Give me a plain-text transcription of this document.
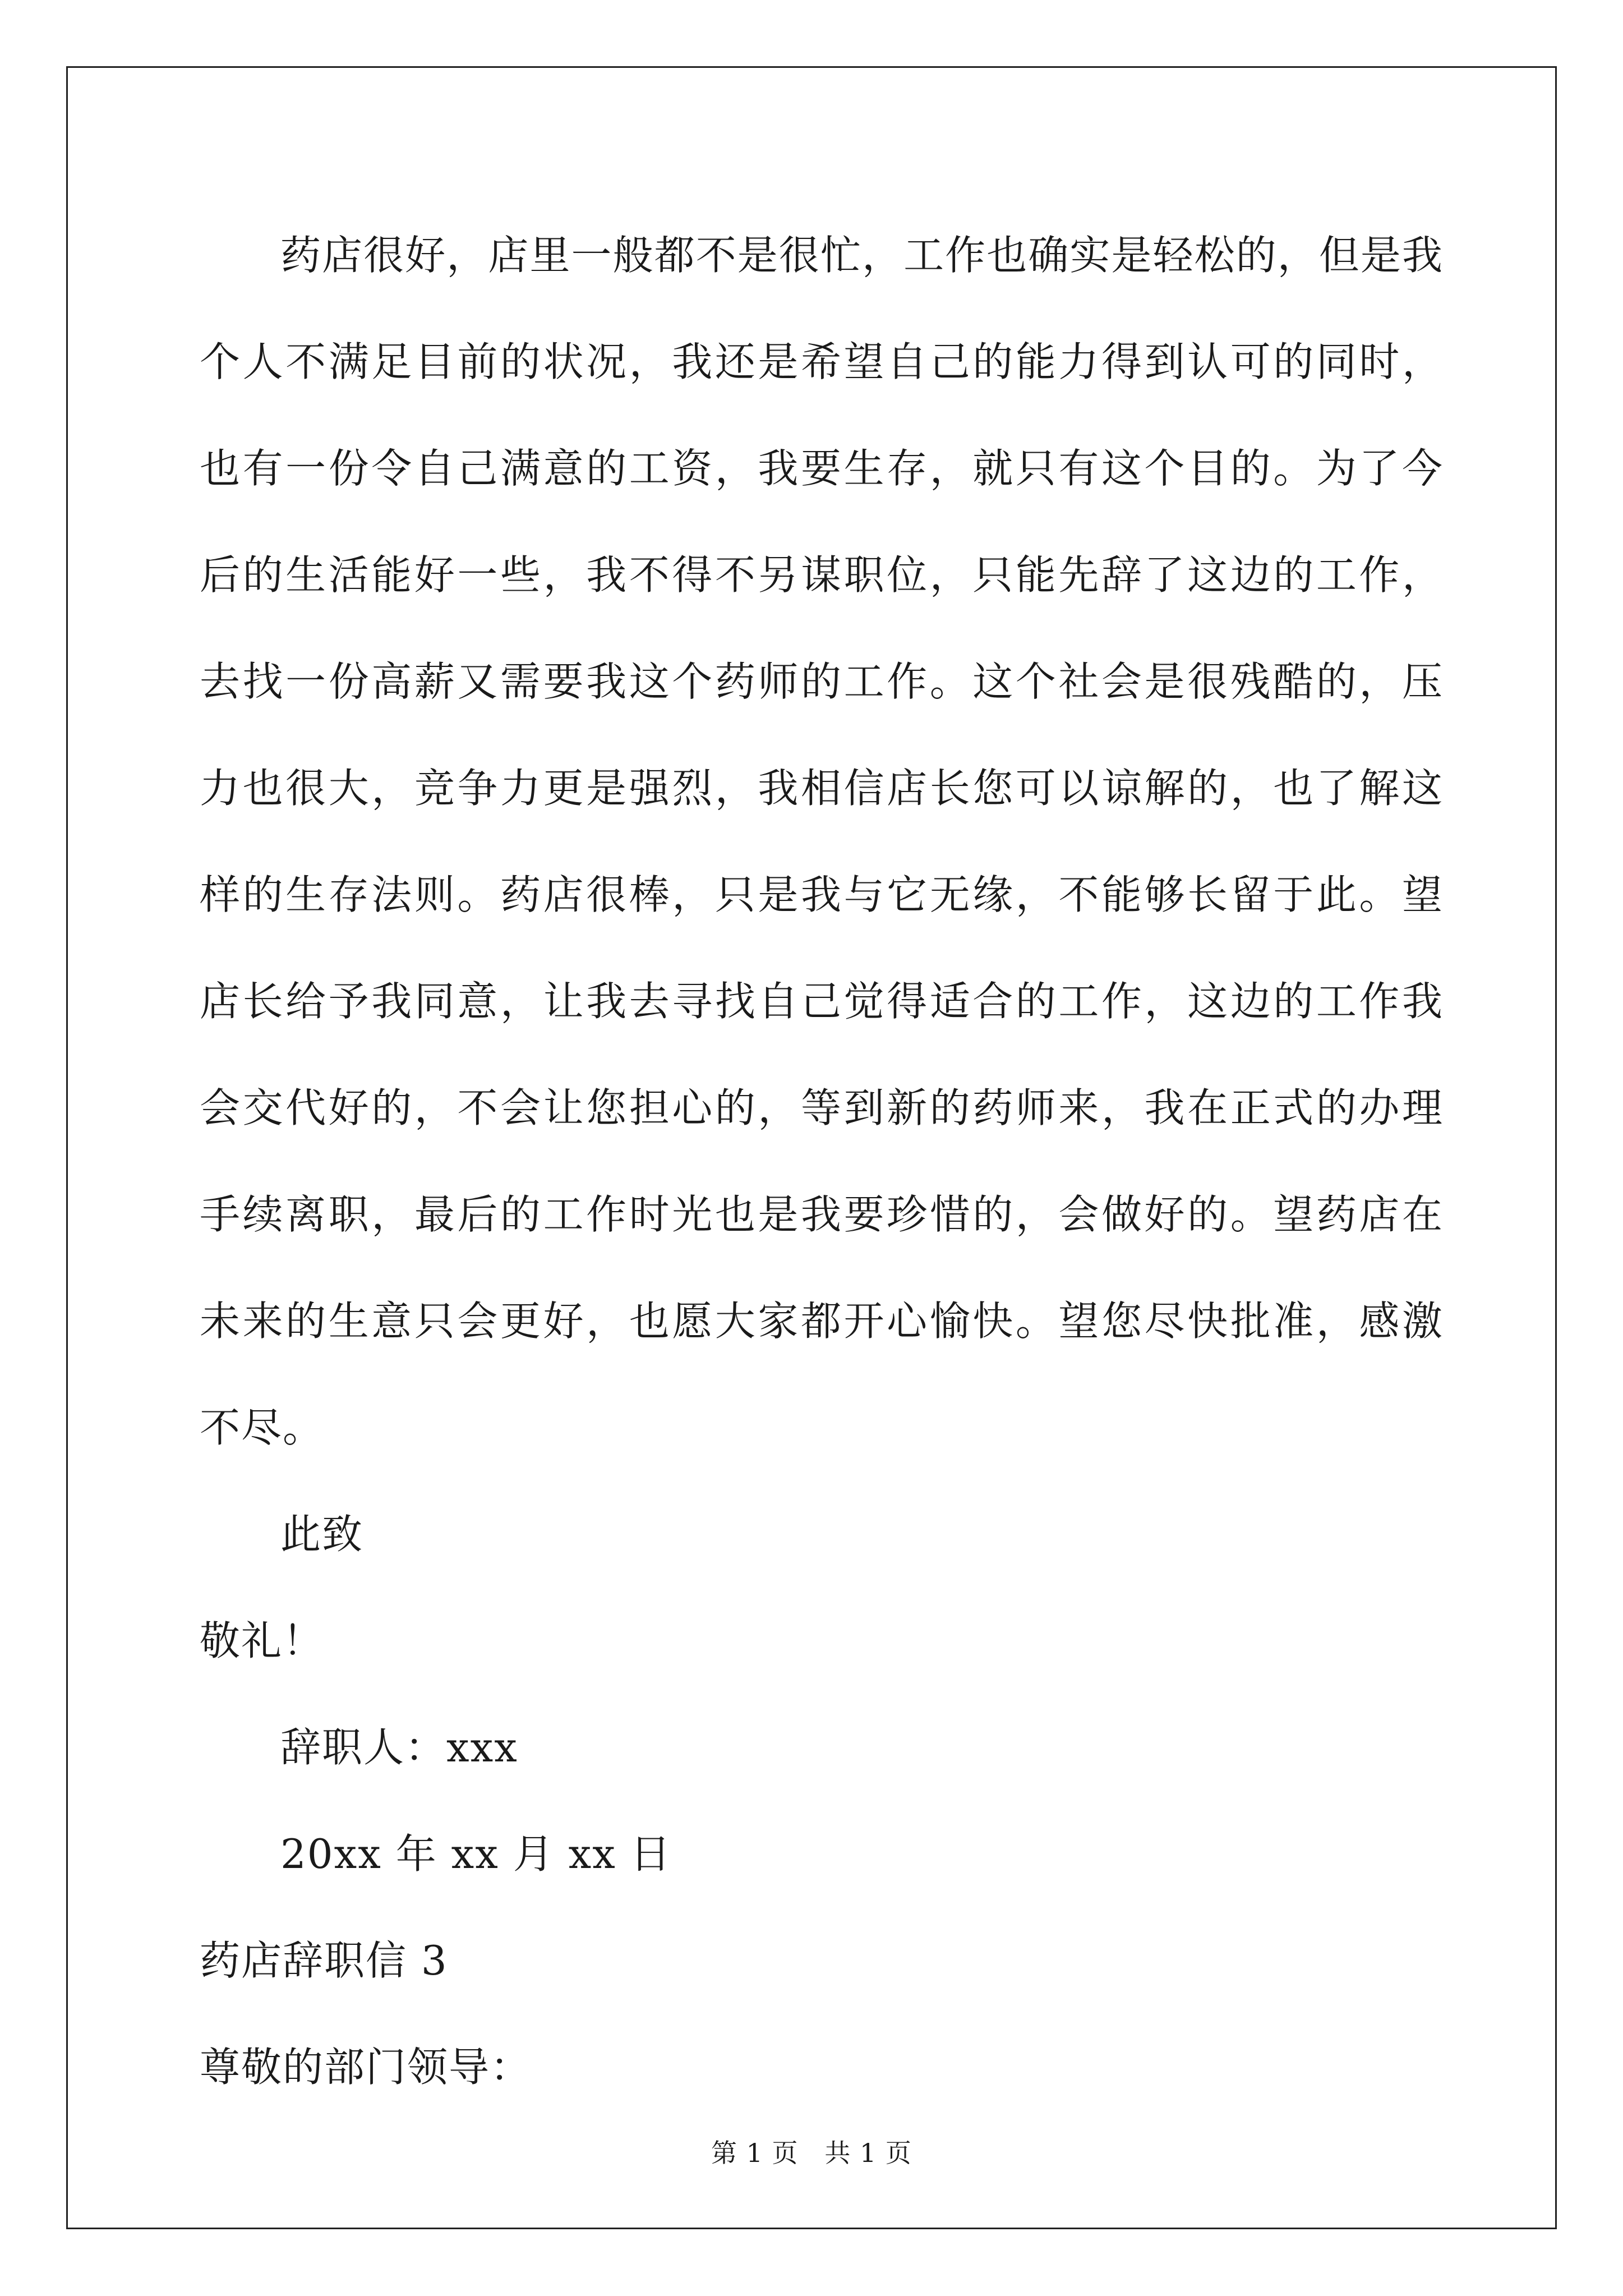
药店很好，店里一般都不是很忙，工作也确实是轻松的，但是我个人不满足目前的状况，我还是希望自己的能力得到认可的同时，也有一份令自己满意的工资，我要生存，就只有这个目的。为了今后的生活能好一些，我不得不另谋职位，只能先辞了这边的工作，去找一份高薪又需要我这个药师的工作。这个社会是很残酷的，压力也很大，竞争力更是强烈，我相信店长您可以谅解的，也了解这样的生存法则。药店很棒，只是我与它无缘，不能够长留于此。望店长给予我同意，让我去寻找自己觉得适合的工作，这边的工作我会交代好的，不会让您担心的，等到新的药师来，我在正式的办理手续离职，最后的工作时光也是我要珍惜的，会做好的。望药店在未来的生意只会更好，也愿大家都开心愉快。望您尽快批准，感激不尽。

此致

敬礼！

辞职人：xxx

20xx 年 xx 月 xx 日

药店辞职信 3

尊敬的部门领导：

第 1 页   共 1 页
